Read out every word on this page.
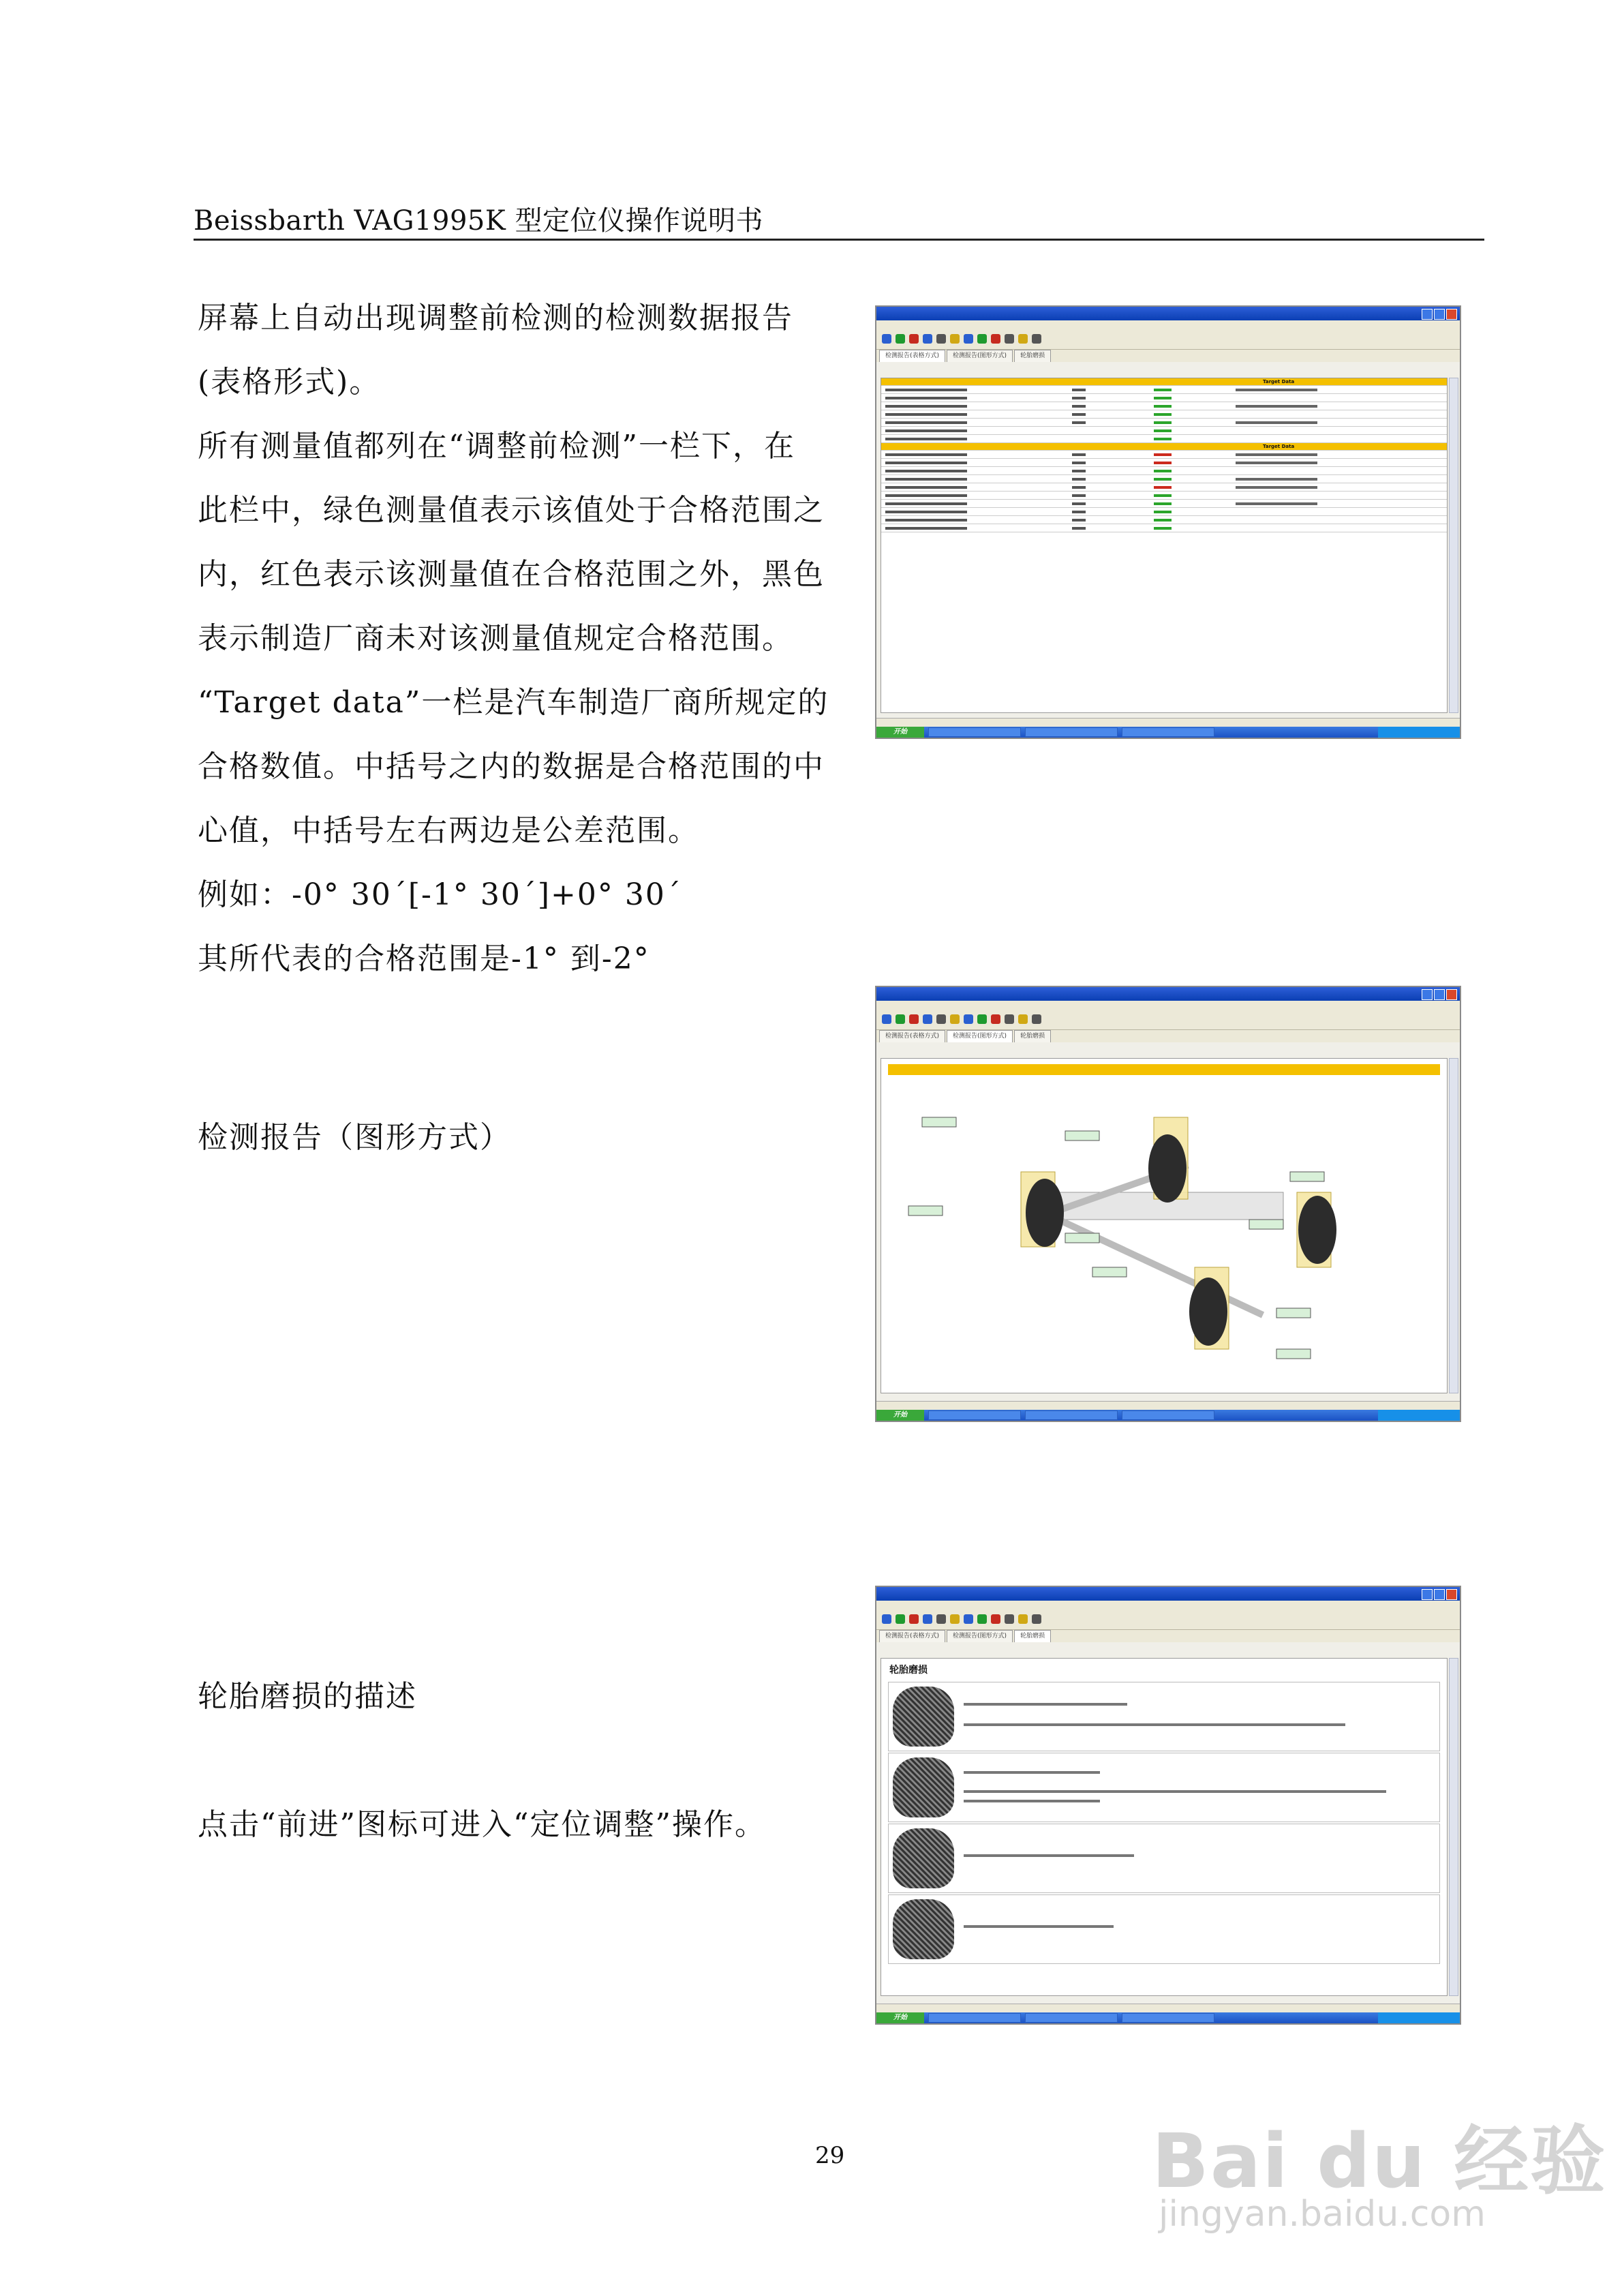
Beissbarth VAG1995K 型定位仪操作说明书

屏幕上自动出现调整前检测的检测数据报告

(表格形式)。

所有测量值都列在“调整前检测”一栏下，在

此栏中，绿色测量值表示该值处于合格范围之

内，红色表示该测量值在合格范围之外，黑色

表示制造厂商未对该测量值规定合格范围。

“Target data”一栏是汽车制造厂商所规定的

合格数值。中括号之内的数据是合格范围的中

心值，中括号左右两边是公差范围。

例如：-0° 30´[-1° 30´]+0° 30´

其所代表的合格范围是-1° 到-2°

检测报告（图形方式）

轮胎磨损的描述

点击“前进”图标可进入“定位调整”操作。

检测报告(表格方式)	检测报告(图形方式)	轮胎磨损
Target Data
Target Data
开始
检测报告(表格方式)	检测报告(图形方式)	轮胎磨损
开始
检测报告(表格方式)	检测报告(图形方式)	轮胎磨损
轮胎磨损
开始
29	Bai du 经验
jingyan.baidu.com
